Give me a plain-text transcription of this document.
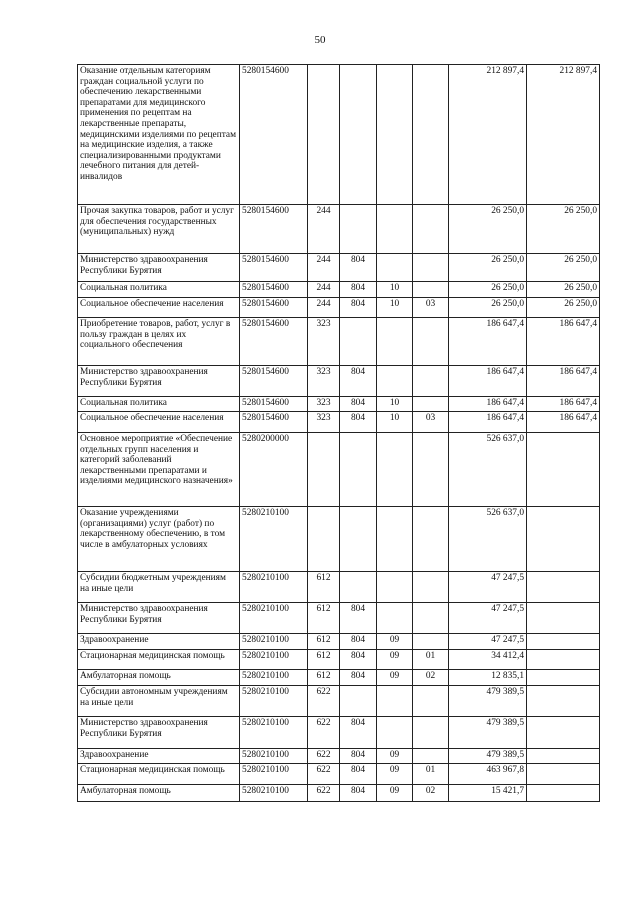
50
Оказание отдельным категориям граждан социальной услуги по обеспечению лекарственными препаратами для медицинского применения по рецептам на лекарственные препараты, медицинскими изделиями по рецептам на медицинские изделия, а также специализированными продуктами лечебного питания для детей-инвалидов	5280154600					212 897,4	212 897,4
Прочая закупка товаров, работ и услуг для обеспечения государственных (муниципальных) нужд	5280154600	244				26 250,0	26 250,0
Министерство здравоохранения Республики Бурятия	5280154600	244	804			26 250,0	26 250,0
Социальная политика	5280154600	244	804	10		26 250,0	26 250,0
Социальное обеспечение населения	5280154600	244	804	10	03	26 250,0	26 250,0
Приобретение товаров, работ, услуг в пользу граждан в целях их социального обеспечения	5280154600	323				186 647,4	186 647,4
Министерство здравоохранения Республики Бурятия	5280154600	323	804			186 647,4	186 647,4
Социальная политика	5280154600	323	804	10		186 647,4	186 647,4
Социальное обеспечение населения	5280154600	323	804	10	03	186 647,4	186 647,4
Основное мероприятие «Обеспечение отдельных групп населения и категорий заболеваний лекарственными препаратами и изделиями медицинского назначения»	5280200000					526 637,0	
Оказание учреждениями (организациями) услуг (работ) по лекарственному обеспечению, в том числе в амбулаторных условиях	5280210100					526 637,0	
Субсидии бюджетным учреждениям на иные цели	5280210100	612				47 247,5	
Министерство здравоохранения Республики Бурятия	5280210100	612	804			47 247,5	
Здравоохранение	5280210100	612	804	09		47 247,5	
Стационарная медицинская помощь	5280210100	612	804	09	01	34 412,4	
Амбулаторная помощь	5280210100	612	804	09	02	12 835,1	
Субсидии автономным учреждениям на иные цели	5280210100	622				479 389,5	
Министерство здравоохранения Республики Бурятия	5280210100	622	804			479 389,5	
Здравоохранение	5280210100	622	804	09		479 389,5	
Стационарная медицинская помощь	5280210100	622	804	09	01	463 967,8	
Амбулаторная помощь	5280210100	622	804	09	02	15 421,7	
